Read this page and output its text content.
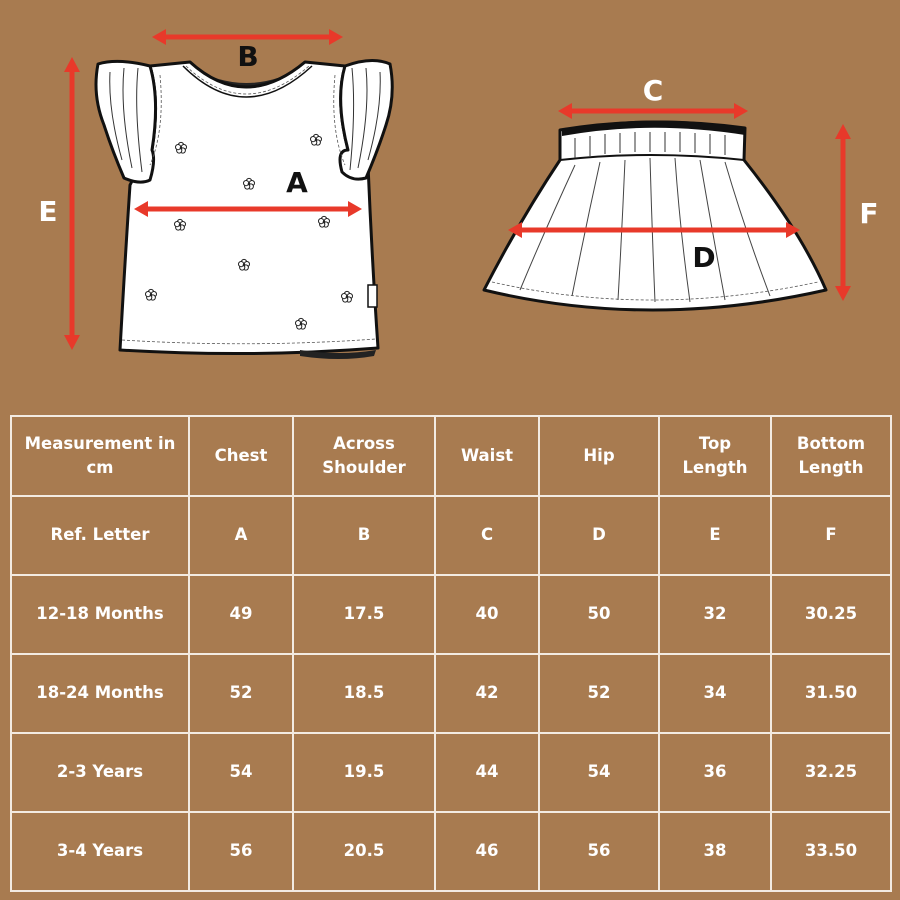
B
A
E
C
D
F
Measurement in cm	Chest	Across Shoulder	Waist	Hip	Top Length	Bottom Length
Ref. Letter	A	B	C	D	E	F
12-18 Months	49	17.5	40	50	32	30.25
18-24 Months	52	18.5	42	52	34	31.50
2-3 Years	54	19.5	44	54	36	32.25
3-4 Years	56	20.5	46	56	38	33.50
